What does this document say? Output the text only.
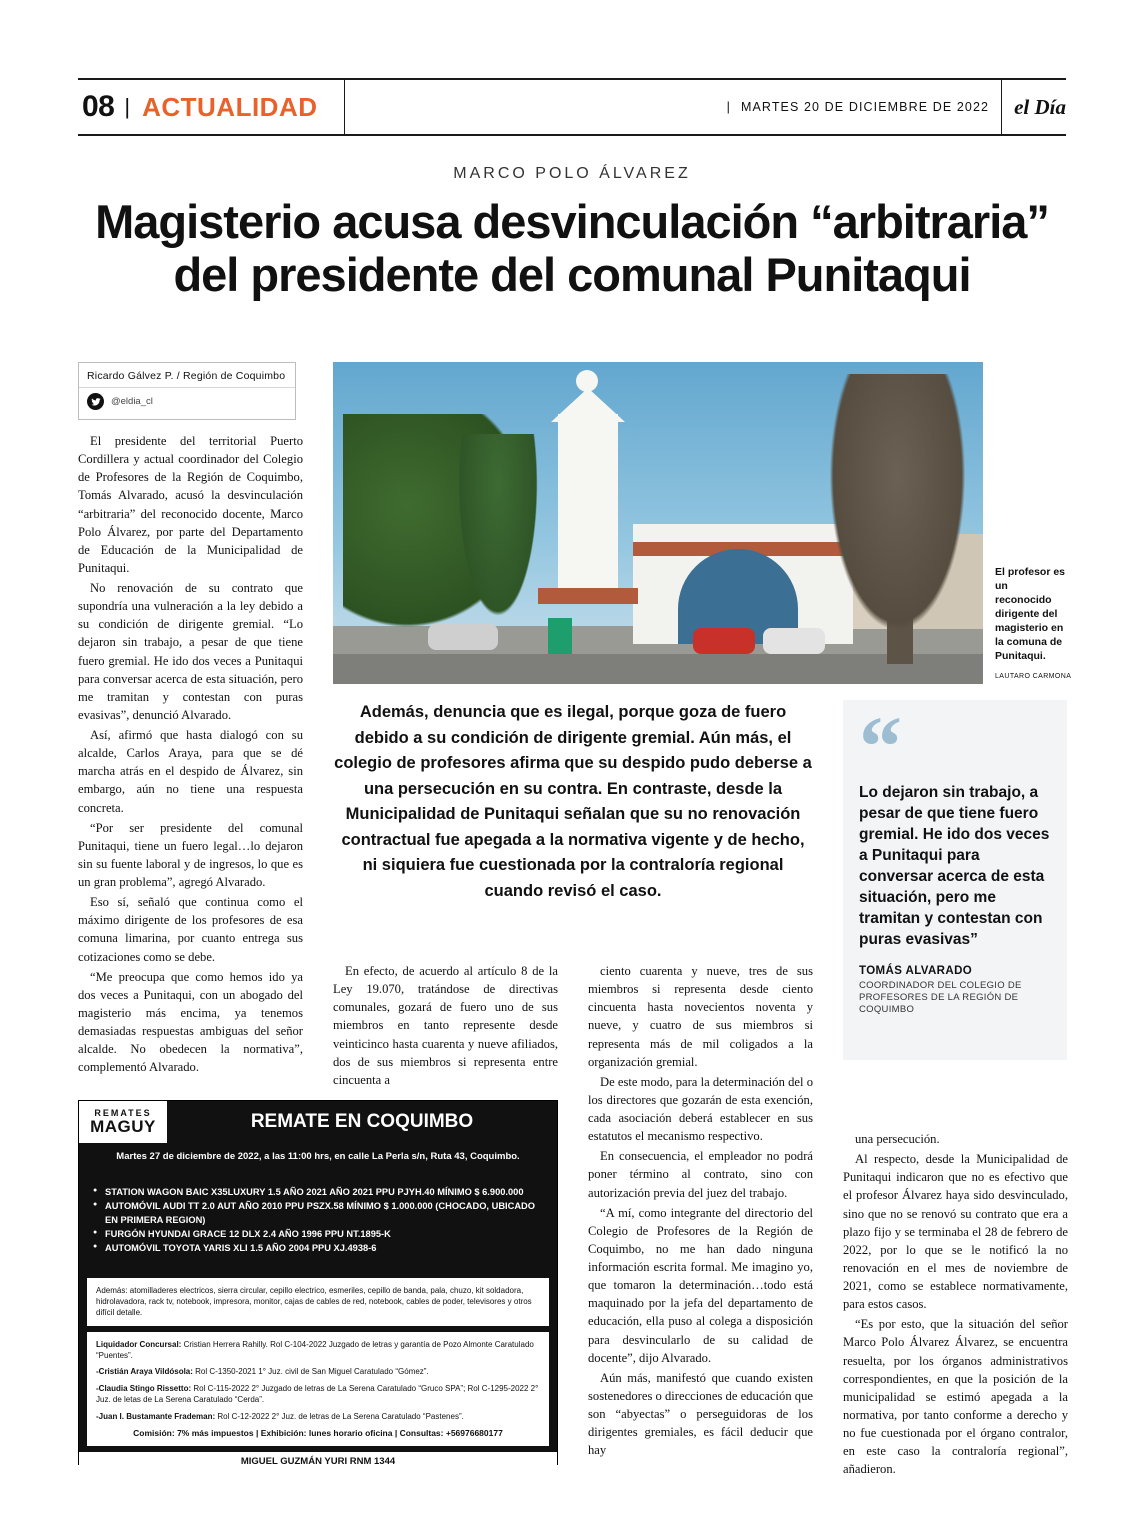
08 | ACTUALIDAD	| MARTES 20 DE DICIEMBRE DE 2022	el Día
MARCO POLO ÁLVAREZ
Magisterio acusa desvinculación “arbitraria”
del presidente del comunal Punitaqui
Ricardo Gálvez P. / Región de Coquimbo
@eldia_cl

El presidente del territorial Puerto Cordillera y actual coordinador del Colegio de Profesores de la Región de Coquimbo, Tomás Alvarado, acusó la desvinculación “arbitraria” del reconocido docente, Marco Polo Álvarez, por parte del Departamento de Educación de la Municipalidad de Punitaqui.

No renovación de su contrato que supondría una vulneración a la ley debido a su condición de dirigente gremial. “Lo dejaron sin trabajo, a pesar de que tiene fuero gremial. He ido dos veces a Punitaqui para conversar acerca de esta situación, pero me tramitan y contestan con puras evasivas”, denunció Alvarado.

Así, afirmó que hasta dialogó con su alcalde, Carlos Araya, para que se dé marcha atrás en el despido de Álvarez, sin embargo, aún no tiene una respuesta concreta.

“Por ser presidente del comunal Punitaqui, tiene un fuero legal…lo dejaron sin su fuente laboral y de ingresos, lo que es un gran problema”, agregó Alvarado.

Eso sí, señaló que continua como el máximo dirigente de los profesores de esa comuna limarina, por cuanto entrega sus cotizaciones como se debe.

“Me preocupa que como hemos ido ya dos veces a Punitaqui, con un abogado del magisterio más encima, ya tenemos demasiadas respuestas ambiguas del señor alcalde. No obedecen la normativa”, complementó Alvarado.

El profesor es un reconocido dirigente del magisterio en la comuna de Punitaqui.
LAUTARO CARMONA
Además, denuncia que es ilegal, porque goza de fuero debido a su condición de dirigente gremial. Aún más, el colegio de profesores afirma que su despido pudo deberse a una persecución en su contra. En contraste, desde la Municipalidad de Punitaqui señalan que su no renovación contractual fue apegada a la normativa vigente y de hecho, ni siquiera fue cuestionada por la contraloría regional cuando revisó el caso.
“
Lo dejaron sin trabajo, a pesar de que tiene fuero gremial. He ido dos veces a Punitaqui para conversar acerca de esta situación, pero me tramitan y contestan con puras evasivas”
TOMÁS ALVARADO
COORDINADOR DEL COLEGIO DE PROFESORES DE LA REGIÓN DE COQUIMBO

En efecto, de acuerdo al artículo 8 de la Ley 19.070, tratándose de directivas comunales, gozará de fuero uno de sus miembros en tanto represente desde veinticinco hasta cuarenta y nueve afiliados, dos de sus miembros si representa entre cincuenta a

ciento cuarenta y nueve, tres de sus miembros si representa desde ciento cincuenta hasta novecientos noventa y nueve, y cuatro de sus miembros si representa más de mil coligados a la organización gremial.

De este modo, para la determinación del o los directores que gozarán de esta exención, cada asociación deberá establecer en sus estatutos el mecanismo respectivo.

En consecuencia, el empleador no podrá poner término al contrato, sino con autorización previa del juez del trabajo.

“A mí, como integrante del directorio del Colegio de Profesores de la Región de Coquimbo, no me han dado ninguna información escrita formal. Me imagino yo, que tomaron la determinación…todo está maquinado por la jefa del departamento de educación, ella puso al colega a disposición para desvincularlo de su calidad de docente”, dijo Alvarado.

Aún más, manifestó que cuando existen sostenedores o direcciones de educación que son “abyectas” o perseguidoras de los dirigentes gremiales, es fácil deducir que hay

una persecución.

Al respecto, desde la Municipalidad de Punitaqui indicaron que no es efectivo que el profesor Álvarez haya sido desvinculado, sino que no se renovó su contrato que era a plazo fijo y se terminaba el 28 de febrero de 2022, por lo que se le notificó la no renovación en el mes de noviembre de 2021, como se establece normativamente, para estos casos.

“Es por esto, que la situación del señor Marco Polo Álvarez Álvarez, se encuentra resuelta, por los órganos administrativos correspondientes, en que la posición de la municipalidad se estimó apegada a la normativa, por tanto conforme a derecho y no fue cuestionada por el órgano contralor, en este caso la contraloría regional”, añadieron.

REMATES
MAGUY	REMATE EN COQUIMBO
Martes 27 de diciembre de 2022, a las 11:00 hrs, en calle La Perla s/n, Ruta 43, Coquimbo.
● STATION WAGON BAIC X35LUXURY 1.5 AÑO 2021 AÑO 2021 PPU PJYH.40 MÍNIMO $ 6.900.000
● AUTOMÓVIL AUDI TT 2.0 AUT AÑO 2010 PPU PSZX.58 MÍNIMO $ 1.000.000 (CHOCADO, UBICADO EN PRIMERA REGION)
● FURGÓN HYUNDAI GRACE 12 DLX 2.4 AÑO 1996 PPU NT.1895-K
● AUTOMÓVIL TOYOTA YARIS XLI 1.5 AÑO 2004 PPU XJ.4938-6
Además: atomilladeres electricos, sierra circular, cepillo electrico, esmeriles, cepillo de banda, pala, chuzo, kit soldadora, hidrolavadora, rack tv, notebook, impresora, monitor, cajas de cables de red, notebook, cables de poder, televisores y otros difícil detalle.
Liquidador Concursal: Cristian Herrera Rahilly. Rol C-104-2022 Juzgado de letras y garantía de Pozo Almonte Caratulado “Puentes”.
-Cristián Araya Vildósola: Rol C-1350-2021 1° Juz. civil de San Miguel Caratulado “Gómez”.
-Claudia Stingo Rissetto: Rol C-115-2022 2° Juzgado de letras de La Serena Caratulado “Gruco SPA”; Rol C-1295-2022 2° Juz. de letas de La Serena Caratulado “Cerda”.
-Juan I. Bustamante Frademan: Rol C-12-2022 2° Juz. de letras de La Serena Caratulado “Pastenes”.
Comisión: 7% más impuestos | Exhibición: lunes horario oficina | Consultas: +56976680177
MIGUEL GUZMÁN YURI RNM 1344
